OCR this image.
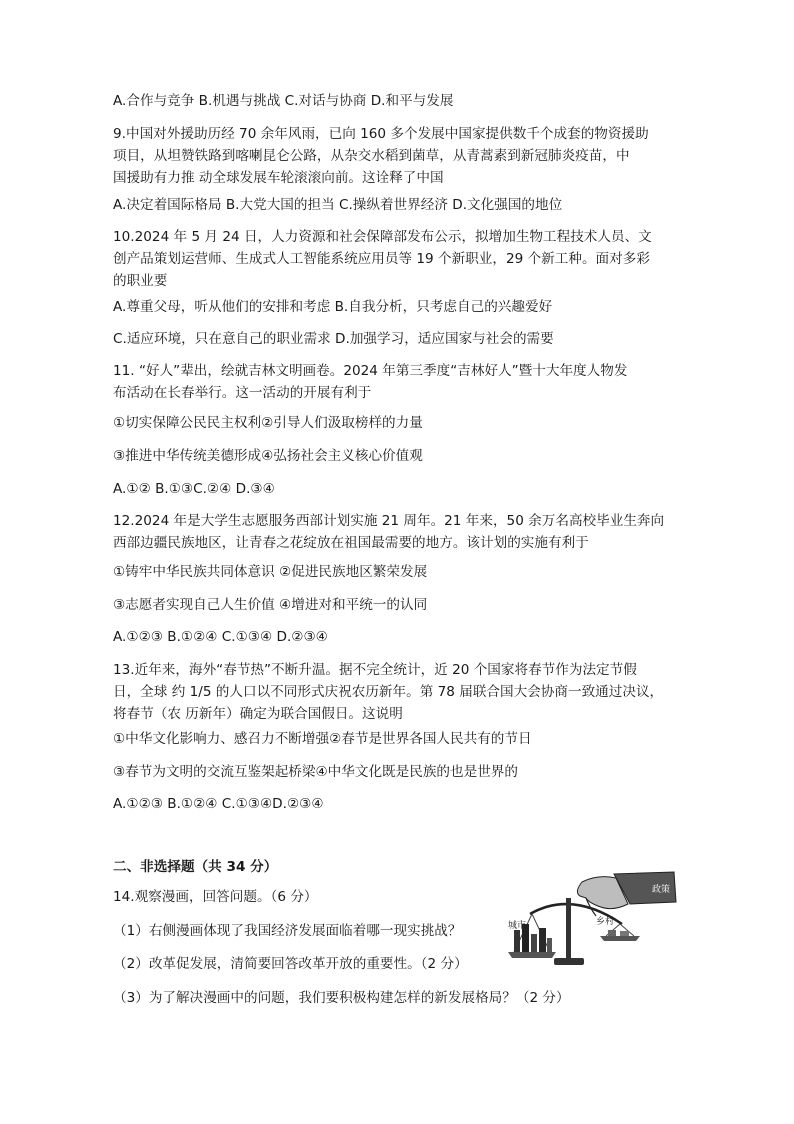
A.合作与竞争 B.机遇与挑战 C.对话与协商 D.和平与发展
9.中国对外援助历经 70 余年风雨，已向 160 多个发展中国家提供数千个成套的物资援助
项目，从坦赞铁路到喀喇昆仑公路，从杂交水稻到菌草，从青蒿素到新冠肺炎疫苗，中
国援助有力推 动全球发展车轮滚滚向前。这诠释了中国
A.决定着国际格局 B.大党大国的担当 C.操纵着世界经济 D.文化强国的地位
10.2024 年 5 月 24 日，人力资源和社会保障部发布公示，拟增加生物工程技术人员、文
创产品策划运营师、生成式人工智能系统应用员等 19 个新职业，29 个新工种。面对多彩
的职业要
A.尊重父母，听从他们的安排和考虑 B.自我分析，只考虑自己的兴趣爱好
C.适应环境，只在意自己的职业需求 D.加强学习，适应国家与社会的需要
11. “好人”辈出，绘就吉林文明画卷。2024 年第三季度“吉林好人”暨十大年度人物发
布活动在长春举行。这一活动的开展有利于
①切实保障公民民主权利②引导人们汲取榜样的力量
③推进中华传统美德形成④弘扬社会主义核心价值观
A.①② B.①③C.②④ D.③④
12.2024 年是大学生志愿服务西部计划实施 21 周年。21 年来，50 余万名高校毕业生奔向
西部边疆民族地区，让青春之花绽放在祖国最需要的地方。该计划的实施有利于
①铸牢中华民族共同体意识 ②促进民族地区繁荣发展
③志愿者实现自己人生价值 ④增进对和平统一的认同
A.①②③ B.①②④ C.①③④ D.②③④
13.近年来，海外“春节热”不断升温。据不完全统计，近 20 个国家将春节作为法定节假
日，全球 约 1/5 的人口以不同形式庆祝农历新年。第 78 届联合国大会协商一致通过决议，
将春节（农 历新年）确定为联合国假日。这说明
①中华文化影响力、感召力不断增强②春节是世界各国人民共有的节日
③春节为文明的交流互鉴架起桥梁④中华文化既是民族的也是世界的
A.①②③ B.①②④ C.①③④D.②③④
二、非选择题（共 34 分）
14.观察漫画，回答问题。（6 分）
（1）右侧漫画体现了我国经济发展面临着哪一现实挑战？
（2）改革促发展，清简要回答改革开放的重要性。（2 分）
（3）为了解决漫画中的问题，我们要积极构建怎样的新发展格局？（2 分）
政策
城市	乡村
